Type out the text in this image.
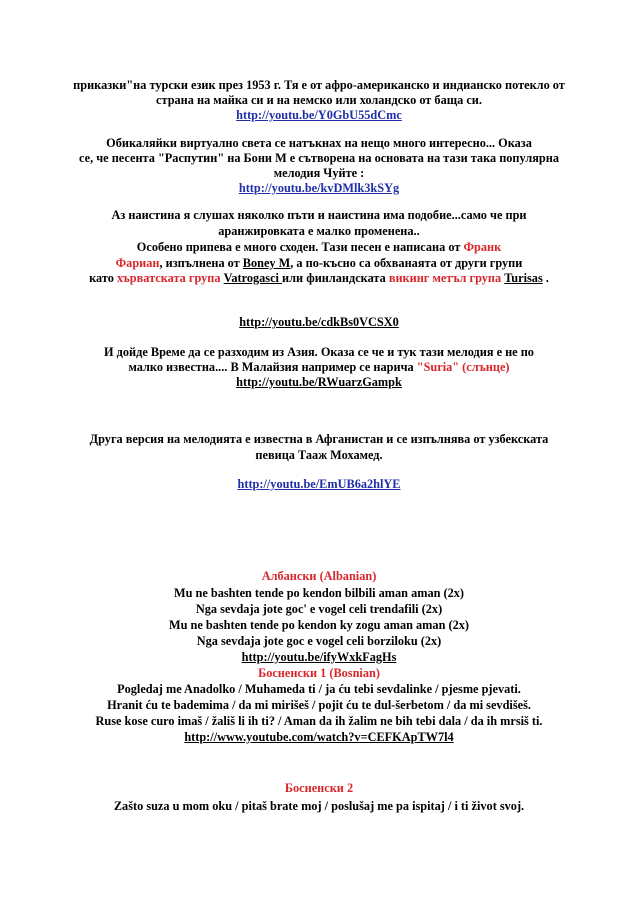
приказки"на турски език през 1953 г. Тя е от афро-американско и индианско потекло от
страна на майка си и на немско или холандско от баща си.
http://youtu.be/Y0GbU55dCmc
Обикаляйки виртуално света се натъкнах на нещо много интересно... Оказа
се, че песента "Распутин" на Бони М е сътворена на основата на тази така популярна
мелодия Чуйте :
http://youtu.be/kvDMlk3kSYg
Аз наистина я слушах няколко пъти и наистина има подобие...само че при
аранжировката е малко променена..
Особено припева е много сходен. Тази песен е написана от Франк
Фариан, изпълнена от Boney M, а по-късно са обхванаята от други групи
като хърватската група Vatrogasci или финландската викинг метъл група Turisas .
http://youtu.be/cdkBs0VCSX0
И дойде Време да се разходим из Азия. Оказа се че и тук тази мелодия е не по
малко известна.... В Малайзия например се нарича "Suria" (слънце)
http://youtu.be/RWuarzGampk
Друга версия на мелодията е известна в Афганистан и се изпълнява от узбекската
певица Тааж Мохамед.
http://youtu.be/EmUB6a2hlYE
Албански (Albanian)
Mu ne bashten tende po kendon bilbili aman aman (2x)
Nga sevdaja jote goc' e vogel celi trendafili (2x)
Mu ne bashten tende po kendon ky zogu aman aman (2x)
Nga sevdaja jote goc e vogel celi borziloku (2x)
http://youtu.be/ifyWxkFagHs
Босненски 1 (Bosnian)
Pogledaj me Anadolko / Muhameda ti / ja ću tebi sevdalinke / pjesme pjevati.
Hranit ću te bademima / da mi mirišeš / pojit ću te dul-šerbetom / da mi sevdišeš.
Ruse kose curo imaš / žališ li ih ti? / Aman da ih žalim ne bih tebi dala / da ih mrsiš ti.
http://www.youtube.com/watch?v=CEFKApTW7l4
Босненски 2
Zašto suza u mom oku / pitaš brate moj / poslušaj me pa ispitaj / i ti život svoj.
